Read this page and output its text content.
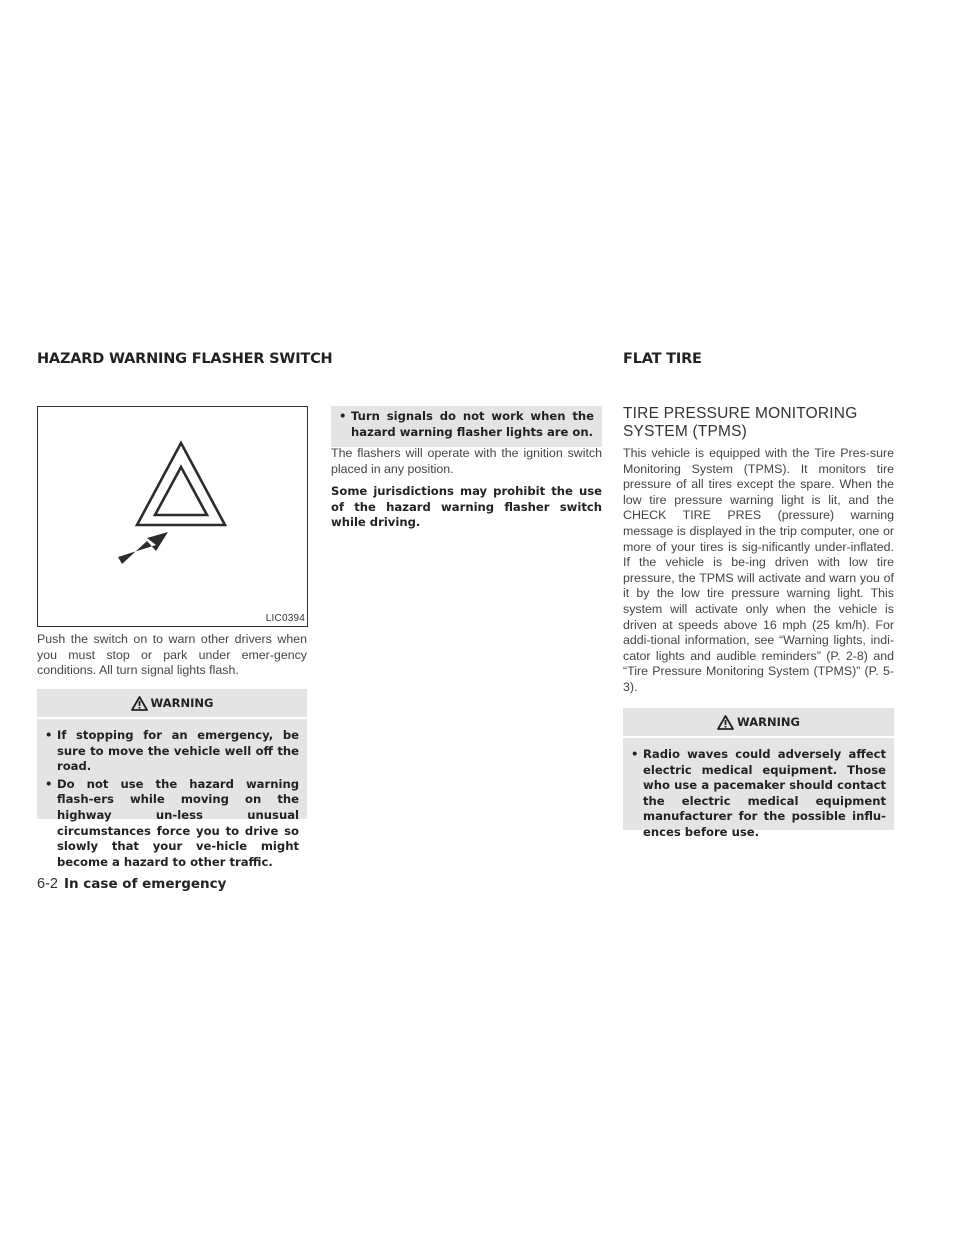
HAZARD WARNING FLASHER SWITCH	FLAT TIRE
LIC0394
Push the switch on to warn other drivers when you must stop or park under emer-gency conditions. All turn signal lights flash.
WARNING
• If stopping for an emergency, be sure to move the vehicle well off the road.
• Do not use the hazard warning flash-ers while moving on the highway un-less unusual circumstances force you to drive so slowly that your ve-hicle might become a hazard to other traffic.
• Turn signals do not work when the hazard warning flasher lights are on.
The flashers will operate with the ignition switch placed in any position.
Some jurisdictions may prohibit the use of the hazard warning flasher switch while driving.
TIRE PRESSURE MONITORING SYSTEM (TPMS)
This vehicle is equipped with the Tire Pres-sure Monitoring System (TPMS). It monitors tire pressure of all tires except the spare. When the low tire pressure warning light is lit, and the CHECK TIRE PRES (pressure) warning message is displayed in the trip computer, one or more of your tires is sig-nificantly under-inflated. If the vehicle is be-ing driven with low tire pressure, the TPMS will activate and warn you of it by the low tire pressure warning light. This system will activate only when the vehicle is driven at speeds above 16 mph (25 km/h). For addi-tional information, see “Warning lights, indi-cator lights and audible reminders” (P. 2-8) and “Tire Pressure Monitoring System (TPMS)” (P. 5-3).
WARNING
• Radio waves could adversely affect electric medical equipment. Those who use a pacemaker should contact the electric medical equipment manufacturer for the possible influ-ences before use.
6-2 In case of emergency
